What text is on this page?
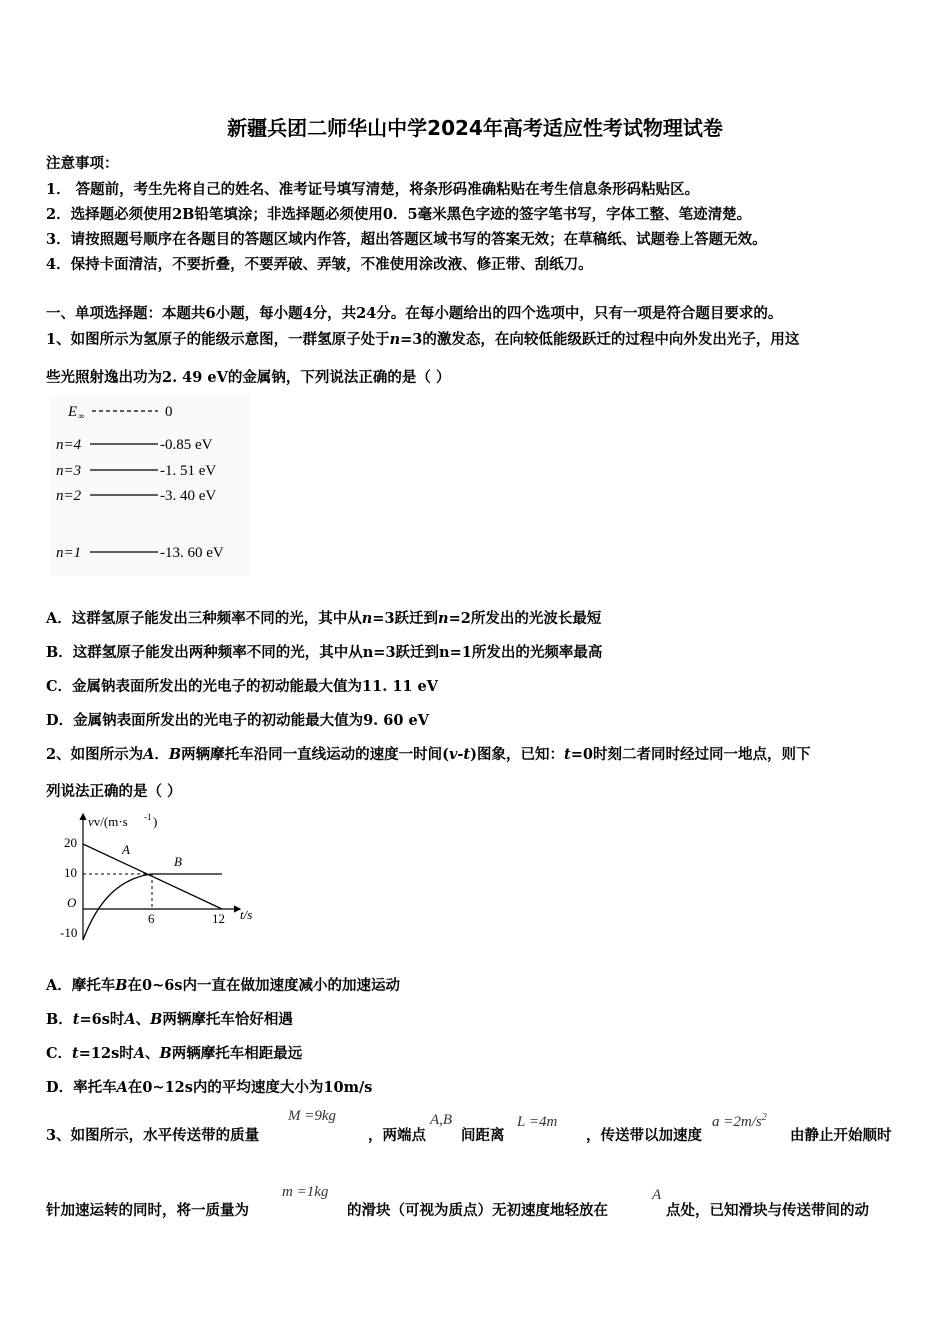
新疆兵团二师华山中学2024年高考适应性考试物理试卷
注意事项：
1． 答题前，考生先将自己的姓名、准考证号填写清楚，将条形码准确粘贴在考生信息条形码粘贴区。
2．选择题必须使用2B铅笔填涂；非选择题必须使用0．5毫米黑色字迹的签字笔书写，字体工整、笔迹清楚。
3．请按照题号顺序在各题目的答题区域内作答，超出答题区域书写的答案无效；在草稿纸、试题卷上答题无效。
4．保持卡面清洁，不要折叠，不要弄破、弄皱，不准使用涂改液、修正带、刮纸刀。
一、单项选择题：本题共6小题，每小题4分，共24分。在每小题给出的四个选项中，只有一项是符合题目要求的。
1、如图所示为氢原子的能级示意图，一群氢原子处于n=3的激发态，在向较低能级跃迁的过程中向外发出光子，用这
些光照射逸出功为2. 49 eV的金属钠，下列说法正确的是（ ）
E ∞	0
n=4	-0.85 eV
n=3	-1. 51 eV
n=2	-3. 40 eV
n=1	-13. 60 eV
A．这群氢原子能发出三种频率不同的光，其中从n=3跃迁到n=2所发出的光波长最短
B．这群氢原子能发出两种频率不同的光，其中从n=3跃迁到n=1所发出的光频率最高
C．金属钠表面所发出的光电子的初动能最大值为11. 11 eV
D．金属钠表面所发出的光电子的初动能最大值为9. 60 eV
2、如图所示为A．B两辆摩托车沿同一直线运动的速度一时间(v-t)图象，已知：t=0时刻二者同时经过同一地点，则下
列说法正确的是（ ）
vv/(m·s -1 )
t/s
20
10
O
-10
6	12
A
B
A．摩托车B在0~6s内一直在做加速度减小的加速运动
B．t=6s时A、B两辆摩托车恰好相遇
C．t=12s时A、B两辆摩托车相距最远
D．率托车A在0~12s内的平均速度大小为10m/s
3、如图所示，水平传送带的质量
M =9kg
，两端点
A,B
间距离
L =4m
，传送带以加速度
$a =2m/s^2$
由静止开始顺时
针加速运转的同时，将一质量为
m =1kg
的滑块（可视为质点）无初速度地轻放在
A
点处，已知滑块与传送带间的动
